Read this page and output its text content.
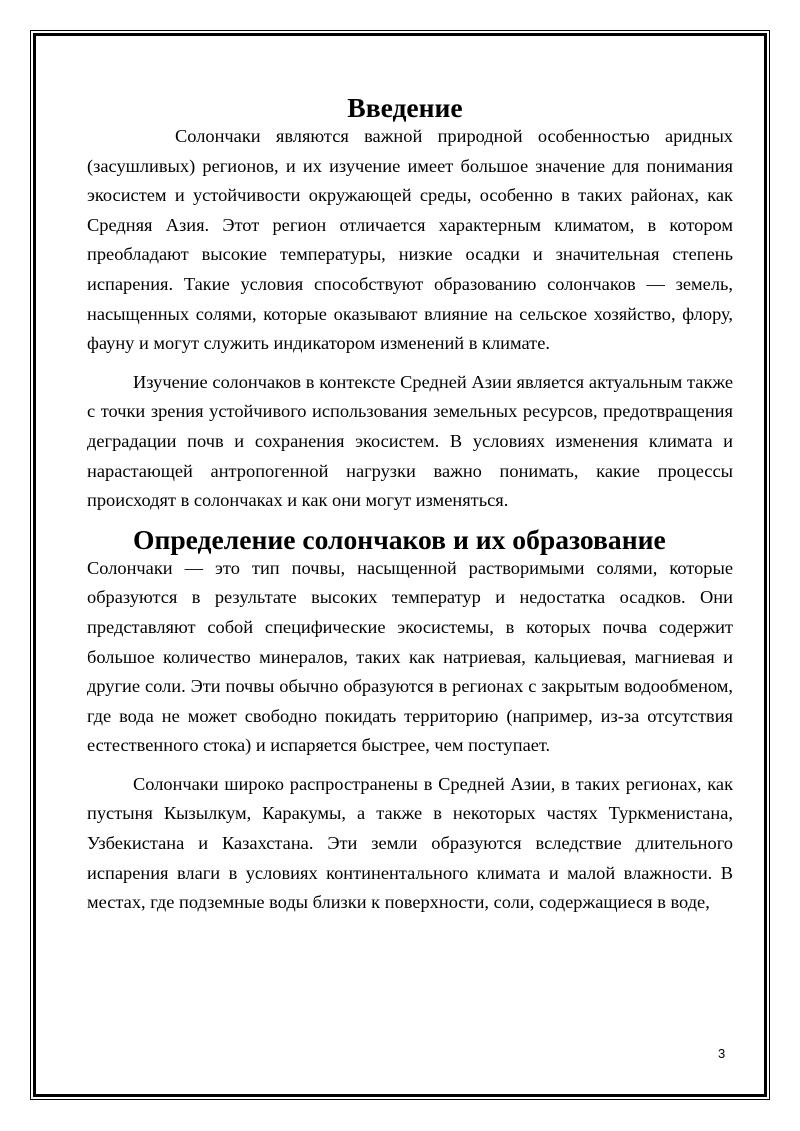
Введение

Солончаки являются важной природной особенностью аридных (засушливых) регионов, и их изучение имеет большое значение для понимания экосистем и устойчивости окружающей среды, особенно в таких районах, как Средняя Азия. Этот регион отличается характерным климатом, в котором преобладают высокие температуры, низкие осадки и значительная степень испарения. Такие условия способствуют образованию солончаков — земель, насыщенных солями, которые оказывают влияние на сельское хозяйство, флору, фауну и могут служить индикатором изменений в климате.

Изучение солончаков в контексте Средней Азии является актуальным также с точки зрения устойчивого использования земельных ресурсов, предотвращения деградации почв и сохранения экосистем. В условиях изменения климата и нарастающей антропогенной нагрузки важно понимать, какие процессы происходят в солончаках и как они могут изменяться.

Определение солончаков и их образование

Солончаки — это тип почвы, насыщенной растворимыми солями, которые образуются в результате высоких температур и недостатка осадков. Они представляют собой специфические экосистемы, в которых почва содержит большое количество минералов, таких как натриевая, кальциевая, магниевая и другие соли. Эти почвы обычно образуются в регионах с закрытым водообменом, где вода не может свободно покидать территорию (например, из-за отсутствия естественного стока) и испаряется быстрее, чем поступает.

Солончаки широко распространены в Средней Азии, в таких регионах, как пустыня Кызылкум, Каракумы, а также в некоторых частях Туркменистана, Узбекистана и Казахстана. Эти земли образуются вследствие длительного испарения влаги в условиях континентального климата и малой влажности. В местах, где подземные воды близки к поверхности, соли, содержащиеся в воде,

3
